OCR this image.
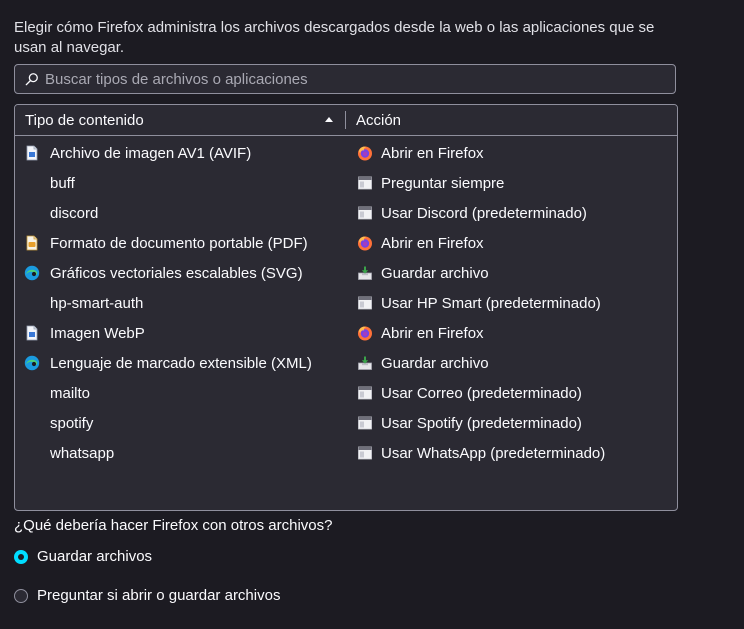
Elegir cómo Firefox administra los archivos descargados desde la web o las aplicaciones que se usan al navegar.
Buscar tipos de archivos o aplicaciones
Tipo de contenido	Acción
Archivo de imagen AV1 (AVIF)	Abrir en Firefox
buff	Preguntar siempre
discord	Usar Discord (predeterminado)
Formato de documento portable (PDF)	Abrir en Firefox
Gráficos vectoriales escalables (SVG)	Guardar archivo
hp-smart-auth	Usar HP Smart (predeterminado)
Imagen WebP	Abrir en Firefox
Lenguaje de marcado extensible (XML)	Guardar archivo
mailto	Usar Correo (predeterminado)
spotify	Usar Spotify (predeterminado)
whatsapp	Usar WhatsApp (predeterminado)
¿Qué debería hacer Firefox con otros archivos?
Guardar archivos
Preguntar si abrir o guardar archivos
